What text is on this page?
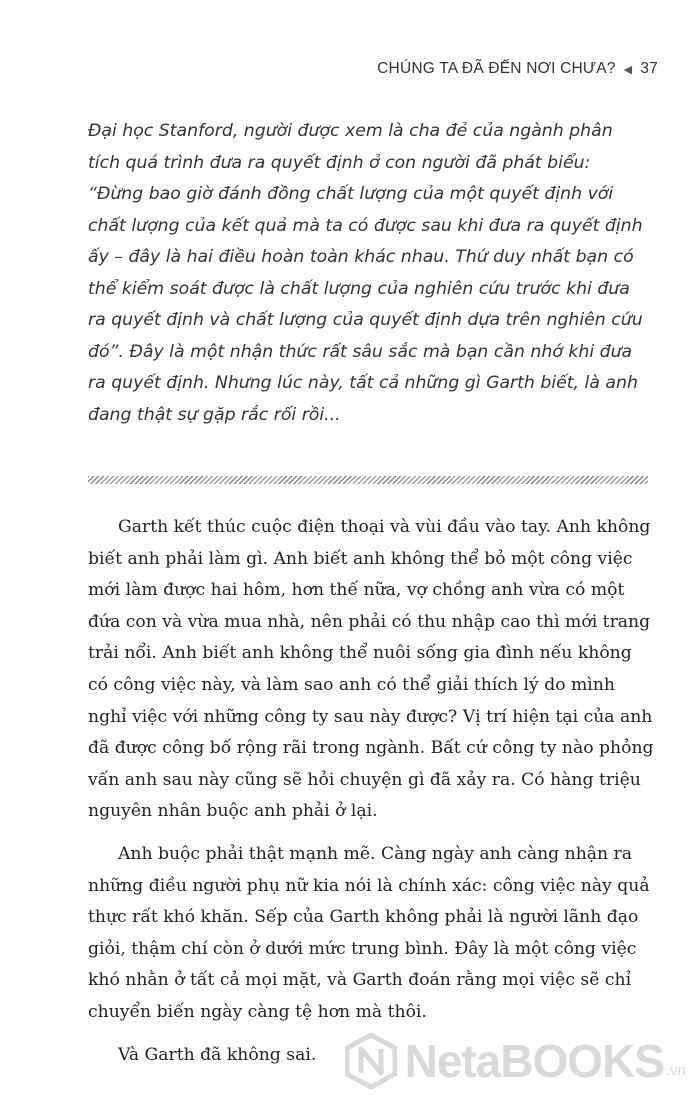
CHÚNG TA ĐÃ ĐẾN NƠI CHƯA? ◀ 37

Đại học Stanford, người được xem là cha đẻ của ngành phân tích quá trình đưa ra quyết định ở con người đã phát biểu: “Đừng bao giờ đánh đồng chất lượng của một quyết định với chất lượng của kết quả mà ta có được sau khi đưa ra quyết định ấy – đây là hai điều hoàn toàn khác nhau. Thứ duy nhất bạn có thể kiểm soát được là chất lượng của nghiên cứu trước khi đưa ra quyết định và chất lượng của quyết định dựa trên nghiên cứu đó”. Đây là một nhận thức rất sâu sắc mà bạn cần nhớ khi đưa ra quyết định. Nhưng lúc này, tất cả những gì Garth biết, là anh đang thật sự gặp rắc rối rồi...

Garth kết thúc cuộc điện thoại và vùi đầu vào tay. Anh không biết anh phải làm gì. Anh biết anh không thể bỏ một công việc mới làm được hai hôm, hơn thế nữa, vợ chồng anh vừa có một đứa con và vừa mua nhà, nên phải có thu nhập cao thì mới trang trải nổi. Anh biết anh không thể nuôi sống gia đình nếu không có công việc này, và làm sao anh có thể giải thích lý do mình nghỉ việc với những công ty sau này được? Vị trí hiện tại của anh đã được công bố rộng rãi trong ngành. Bất cứ công ty nào phỏng vấn anh sau này cũng sẽ hỏi chuyện gì đã xảy ra. Có hàng triệu nguyên nhân buộc anh phải ở lại.

Anh buộc phải thật mạnh mẽ. Càng ngày anh càng nhận ra những điều người phụ nữ kia nói là chính xác: công việc này quả thực rất khó khăn. Sếp của Garth không phải là người lãnh đạo giỏi, thậm chí còn ở dưới mức trung bình. Đây là một công việc khó nhằn ở tất cả mọi mặt, và Garth đoán rằng mọi việc sẽ chỉ chuyển biến ngày càng tệ hơn mà thôi.

Và Garth đã không sai.	NetaBOOKS .vn
